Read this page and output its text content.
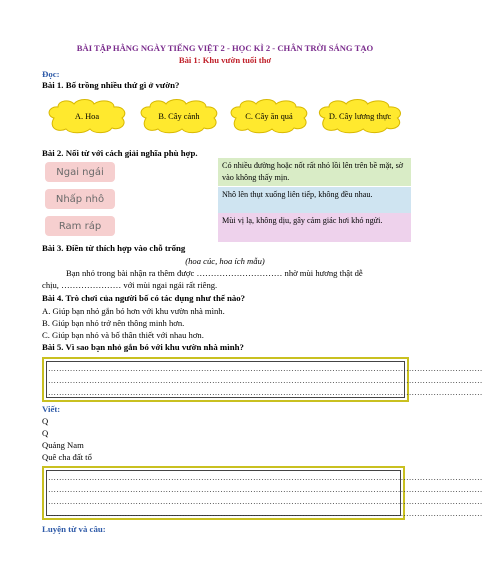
BÀI TẬP HẰNG NGÀY TIẾNG VIỆT 2 - HỌC KÌ 2 - CHÂN TRỜI SÁNG TẠO
Bài 1: Khu vườn tuổi thơ
Đọc:
Bài 1. Bố trồng nhiều thứ gì ở vườn?
A. Hoa	B. Cây cảnh	C. Cây ăn quả	D. Cây lương thực
Bài 2. Nối từ với cách giải nghĩa phù hợp.
Ngai ngái
Nhấp nhô
Ram ráp
Có nhiều đường hoặc nốt rất nhỏ lồi lên trên bề mặt, sờ vào không thấy mịn.
Nhô lên thụt xuống liên tiếp, không đều nhau.
Mùi vị lạ, không dịu, gây cảm giác hơi khó ngửi.
Bài 3. Điền từ thích hợp vào chỗ trống
(hoa cúc, hoa ích mẫu)
Bạn nhỏ trong bài nhận ra thêm được ………………………… nhờ mùi hương thật dễ
chịu, ………………… với mùi ngai ngái rất riêng.
Bài 4. Trò chơi của người bố có tác dụng như thế nào?
A. Giúp bạn nhỏ gắn bó hơn với khu vườn nhà mình.
B. Giúp bạn nhỏ trở nên thông minh hơn.
C. Giúp bạn nhỏ và bố thân thiết với nhau hơn.
Bài 5. Vì sao bạn nhỏ gắn bó với khu vườn nhà mình?
……………………………………………………………………………………………………………………………………………
……………………………………………………………………………………………………………………………………………
……………………………………………………………………………………………………………………………………………
Viết:
Q
Q
Quảng Nam
Quê cha đất tổ
……………………………………………………………………………………………………………………………………………
……………………………………………………………………………………………………………………………………………
……………………………………………………………………………………………………………………………………………
……………………………………………………………………………………………………………………………………………
Luyện từ và câu:
